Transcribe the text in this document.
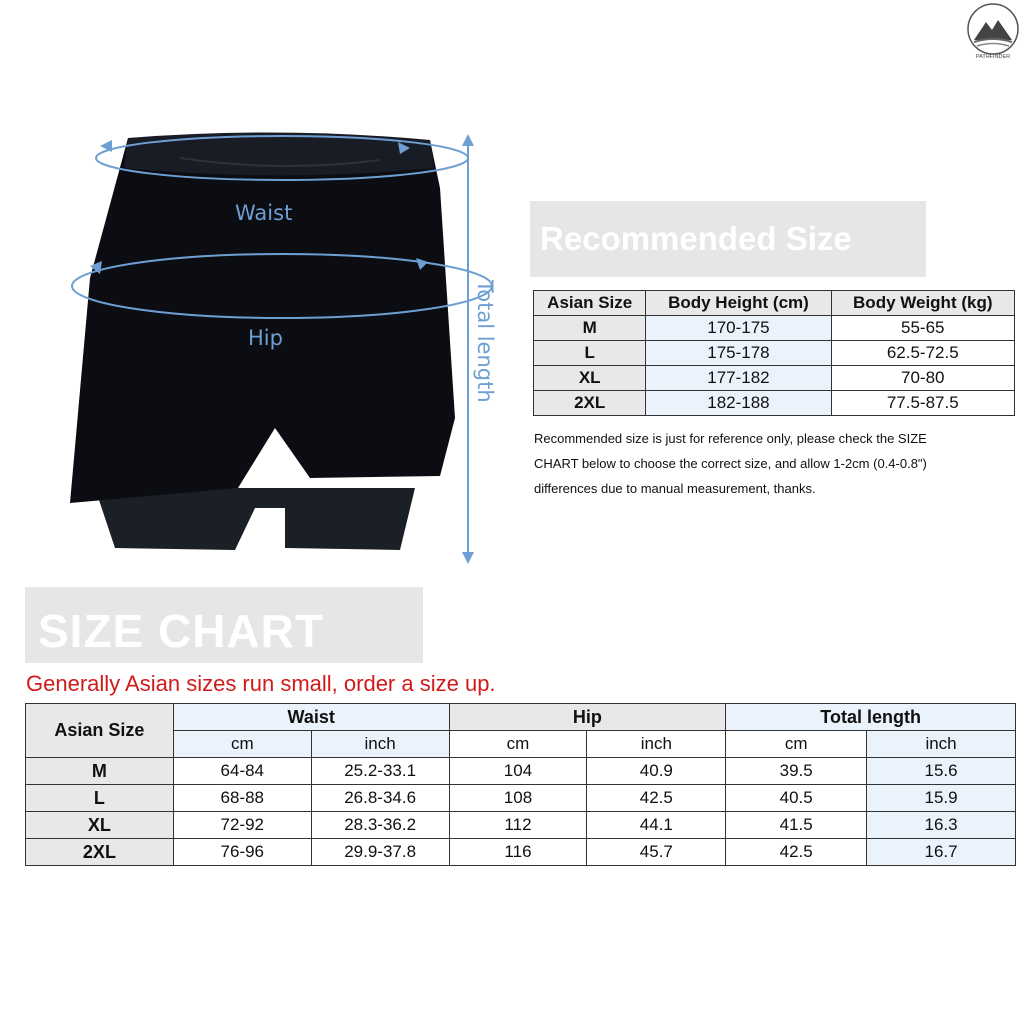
PATHFINDER
Waist
Hip	Total length
Recommended Size
Asian Size	Body Height (cm)	Body Weight (kg)
M	170-175	55-65
L	175-178	62.5-72.5
XL	177-182	70-80
2XL	182-188	77.5-87.5
Recommended size is just for reference only, please check the SIZE
CHART below to choose the correct size, and allow 1-2cm (0.4-0.8")
differences due to manual measurement, thanks.
SIZE CHART
Generally Asian sizes run small, order a size up.
Asian Size	Waist		Hip		Total length	
	cm	inch	cm	inch	cm	inch
M	64-84	25.2-33.1	104	40.9	39.5	15.6
L	68-88	26.8-34.6	108	42.5	40.5	15.9
XL	72-92	28.3-36.2	112	44.1	41.5	16.3
2XL	76-96	29.9-37.8	116	45.7	42.5	16.7
